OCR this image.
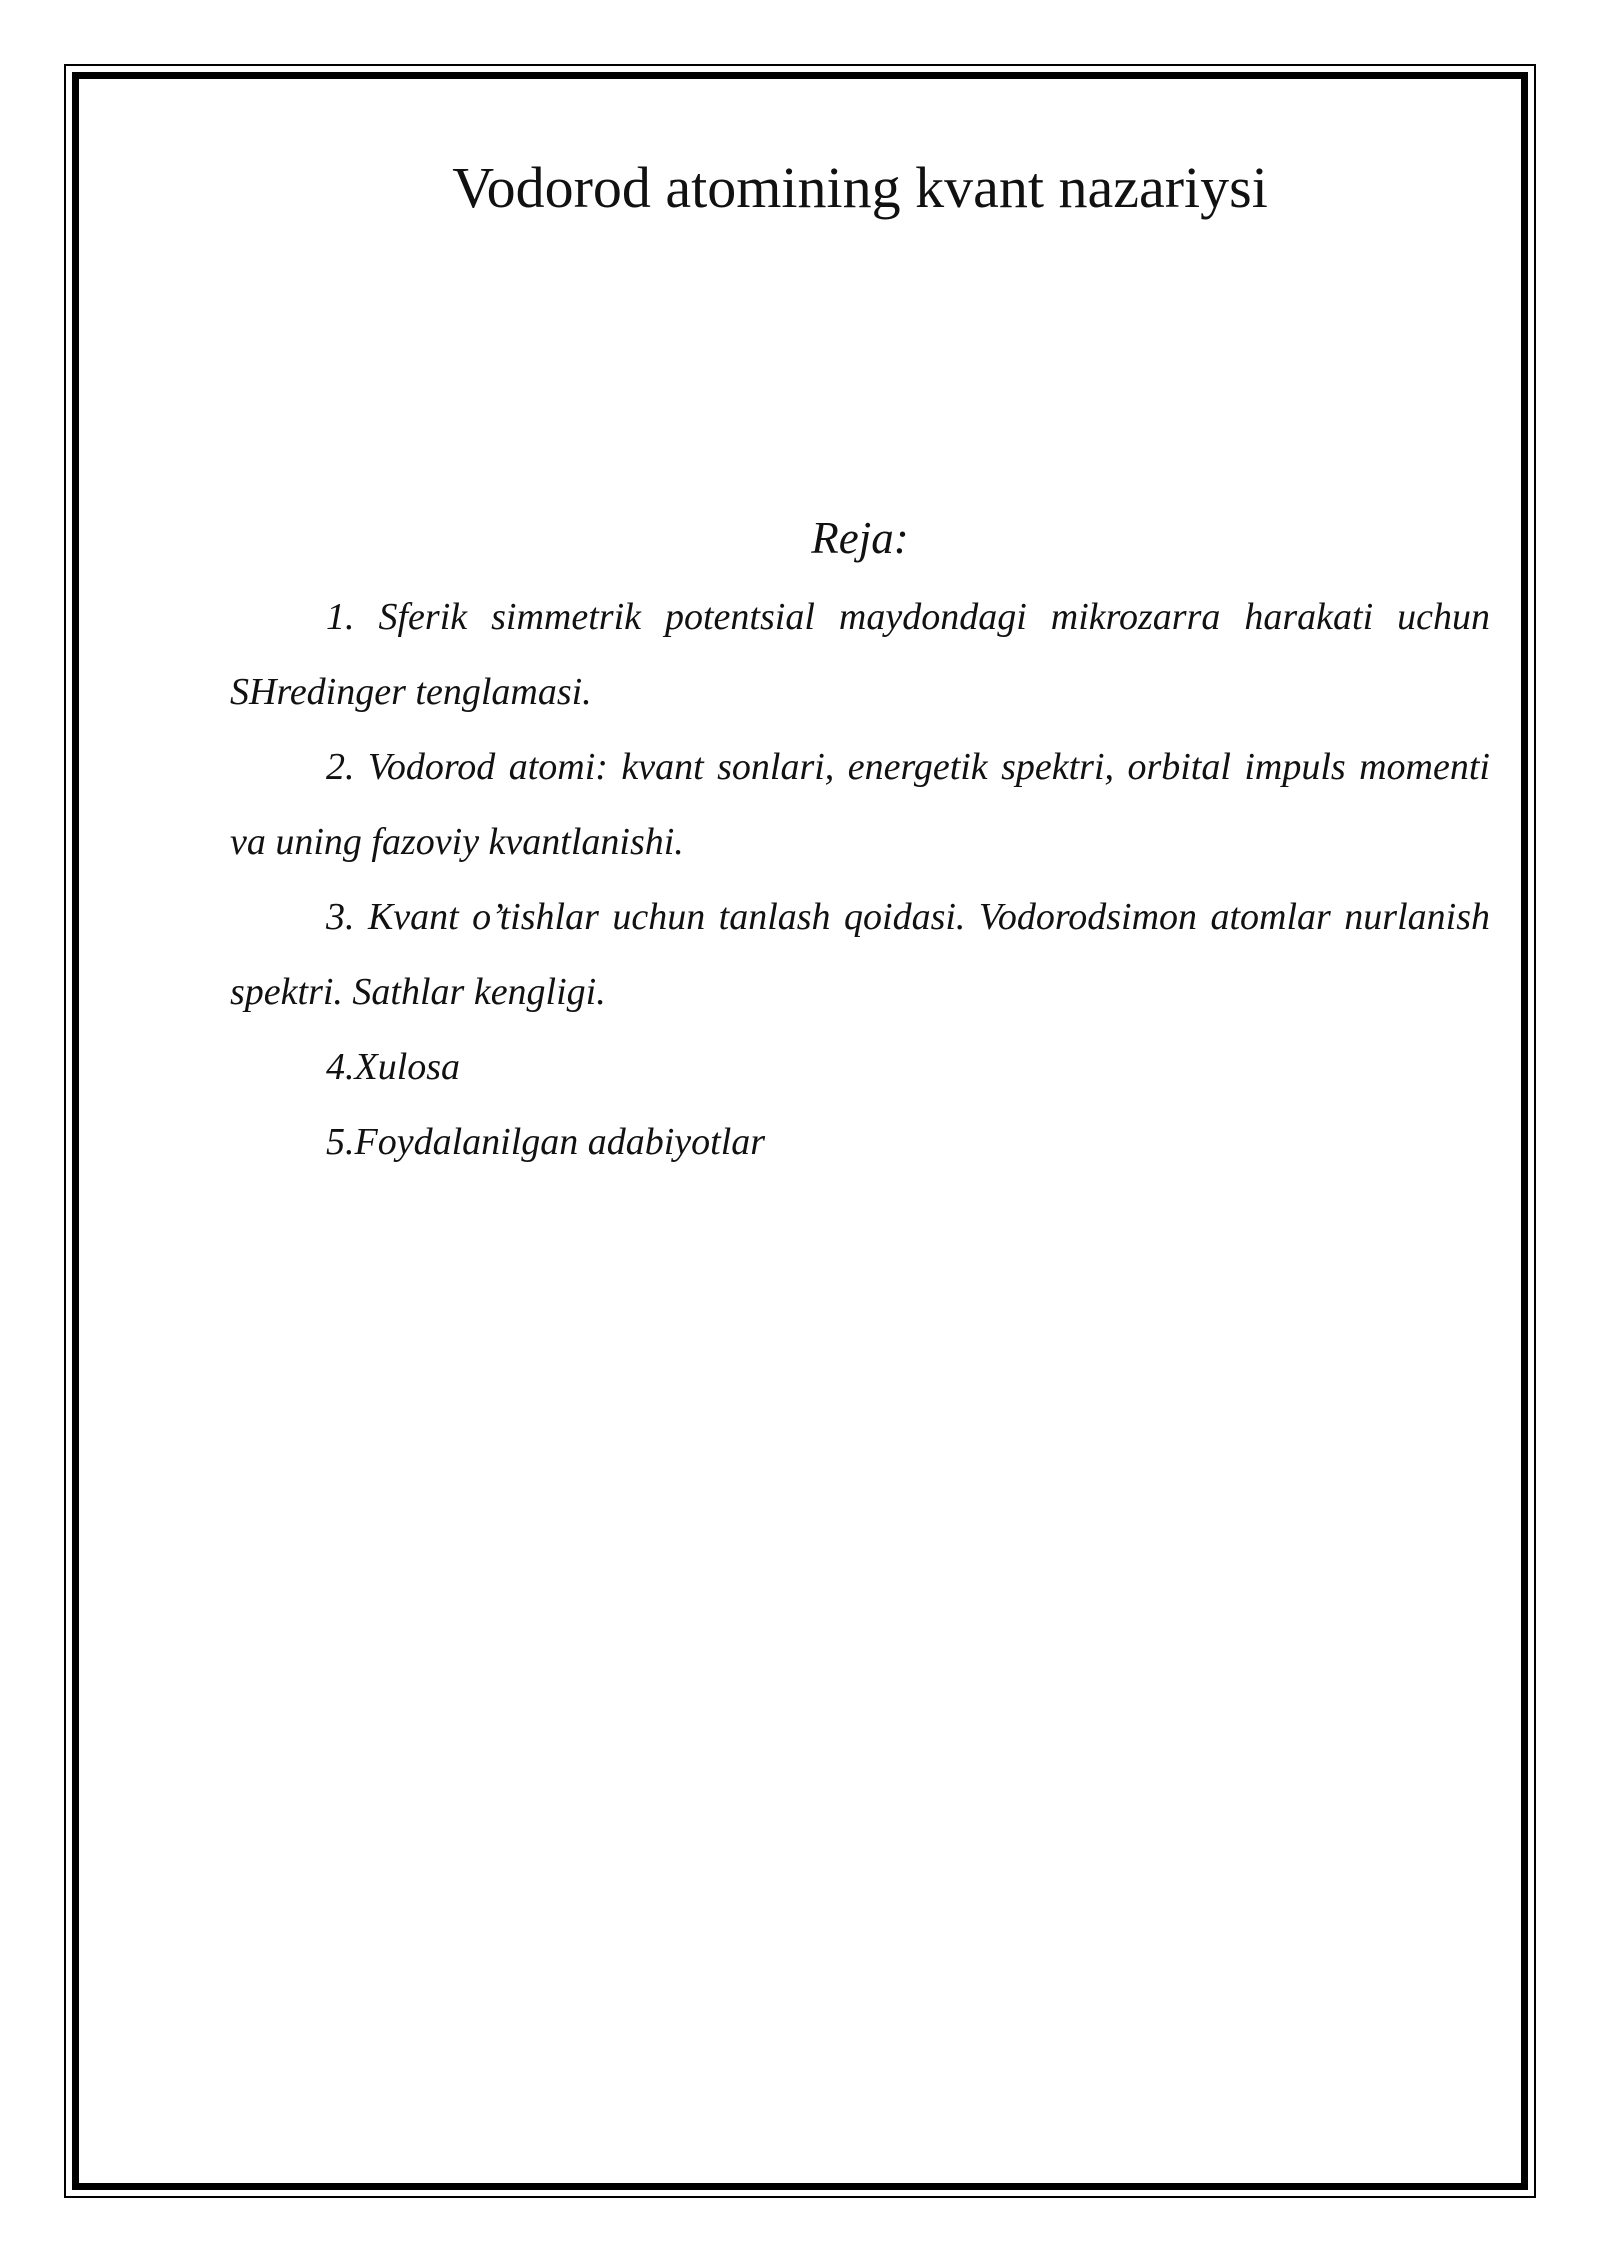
Vodorod atomining kvant nazariysi
Reja:
1. Sferik simmetrik potentsial maydondagi mikrozarra harakati uchun SHredinger tenglamasi.
2. Vodorod atomi: kvant sonlari, energetik spektri, orbital impuls momenti va uning fazoviy kvantlanishi.
3. Kvant o’tishlar uchun tanlash qoidasi. Vodorodsimon atomlar nurlanish spektri. Sathlar kengligi.
4.Xulosa
5.Foydalanilgan adabiyotlar
